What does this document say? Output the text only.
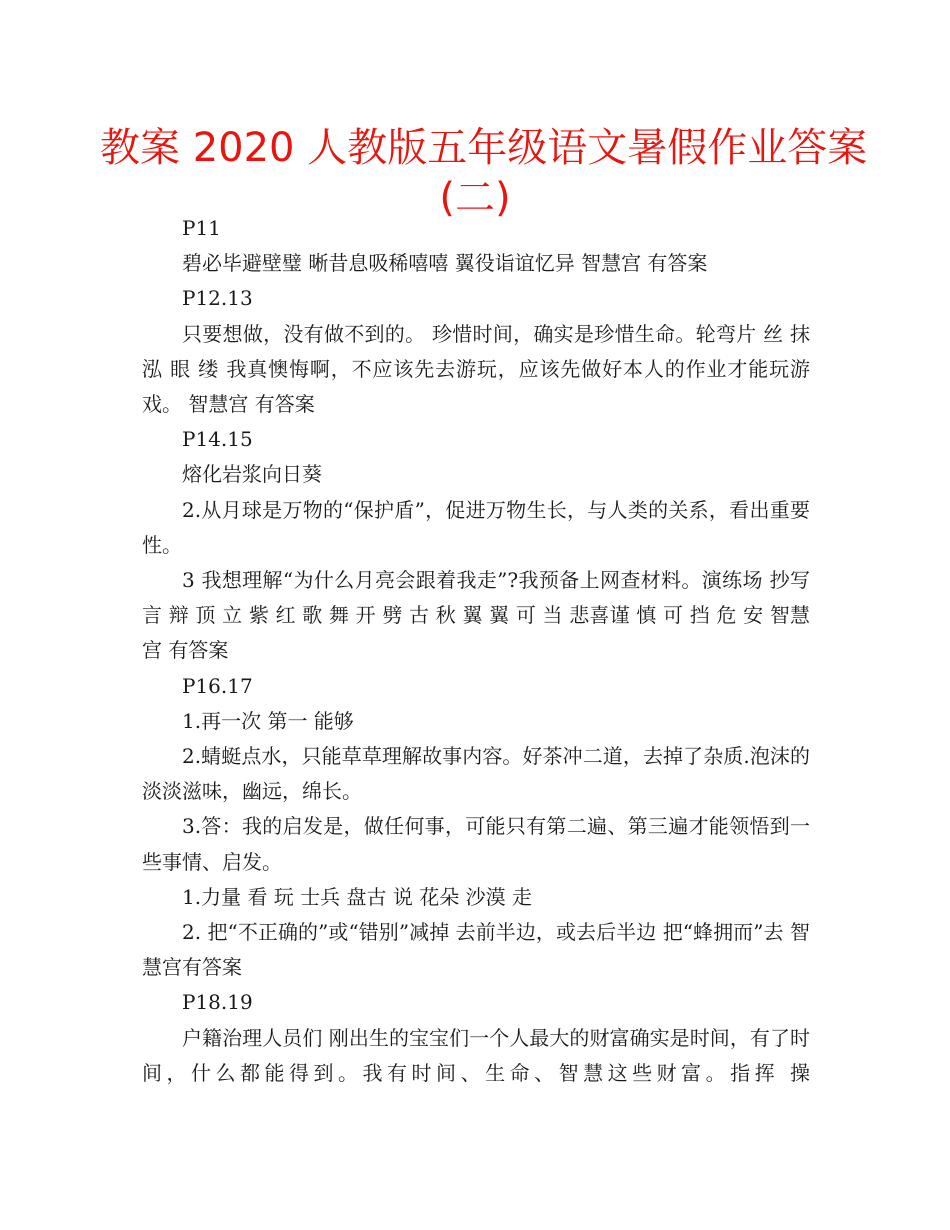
教案 2020 人教版五年级语文暑假作业答案
(二)

P11

碧必毕避壁璧 晰昔息吸稀嘻嘻 翼役诣谊忆异 智慧宫 有答案

P12.13

只要想做，没有做不到的。 珍惜时间，确实是珍惜生命。轮弯片 丝 抹 泓 眼 缕 我真懊悔啊，不应该先去游玩，应该先做好本人的作业才能玩游戏。 智慧宫 有答案

P14.15

熔化岩浆向日葵

2.从月球是万物的“保护盾”，促进万物生长，与人类的关系，看出重要性。

3 我想理解“为什么月亮会跟着我走”?我预备上网查材料。演练场 抄写 言 辩 顶 立 紫 红 歌 舞 开 劈 古 秋 翼 翼 可 当 悲喜谨 慎 可 挡 危 安 智慧宫 有答案

P16.17

1.再一次 第一 能够

2.蜻蜓点水，只能草草理解故事内容。好茶冲二道，去掉了杂质.泡沫的淡淡滋味，幽远，绵长。

3.答：我的启发是，做任何事，可能只有第二遍、第三遍才能领悟到一些事情、启发。

1.力量 看 玩 士兵 盘古 说 花朵 沙漠 走

2. 把“不正确的”或“错别”减掉 去前半边，或去后半边 把“蜂拥而”去 智慧宫有答案

P18.19

户籍治理人员们 刚出生的宝宝们一个人最大的财富确实是时间，有了时间，什么都能得到。我有时间、生命、智慧这些财富。指挥 操
